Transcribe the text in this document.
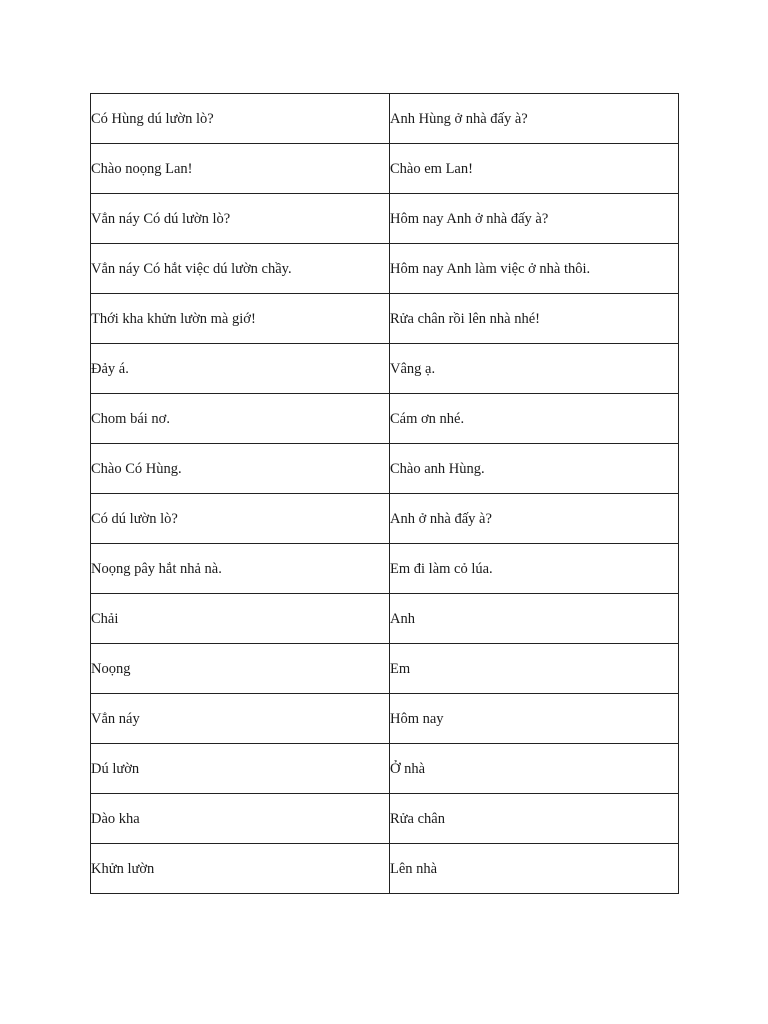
Có Hùng dú lườn lò?	Anh Hùng ở nhà đấy à?
Chào noọng Lan!	Chào em Lan!
Vẳn náy Có dú lườn lò?	Hôm nay Anh ở nhà đấy à?
Vẳn náy Có hắt việc dú lườn chầy.	Hôm nay Anh làm việc ở nhà thôi.
Thới kha khửn lườn mà giớ!	Rửa chân rồi lên nhà nhé!
Đảy á.	Vâng ạ.
Chom bái nơ.	Cám ơn nhé.
Chào Có Hùng.	Chào anh Hùng.
Có dú lườn lò?	Anh ở nhà đấy à?
Noọng pây hắt nhả nà.	Em đi làm cỏ lúa.
Chải	Anh
Noọng	Em
Vẳn náy	Hôm nay
Dú lườn	Ở nhà
Dào kha	Rửa chân
Khửn lườn	Lên nhà
